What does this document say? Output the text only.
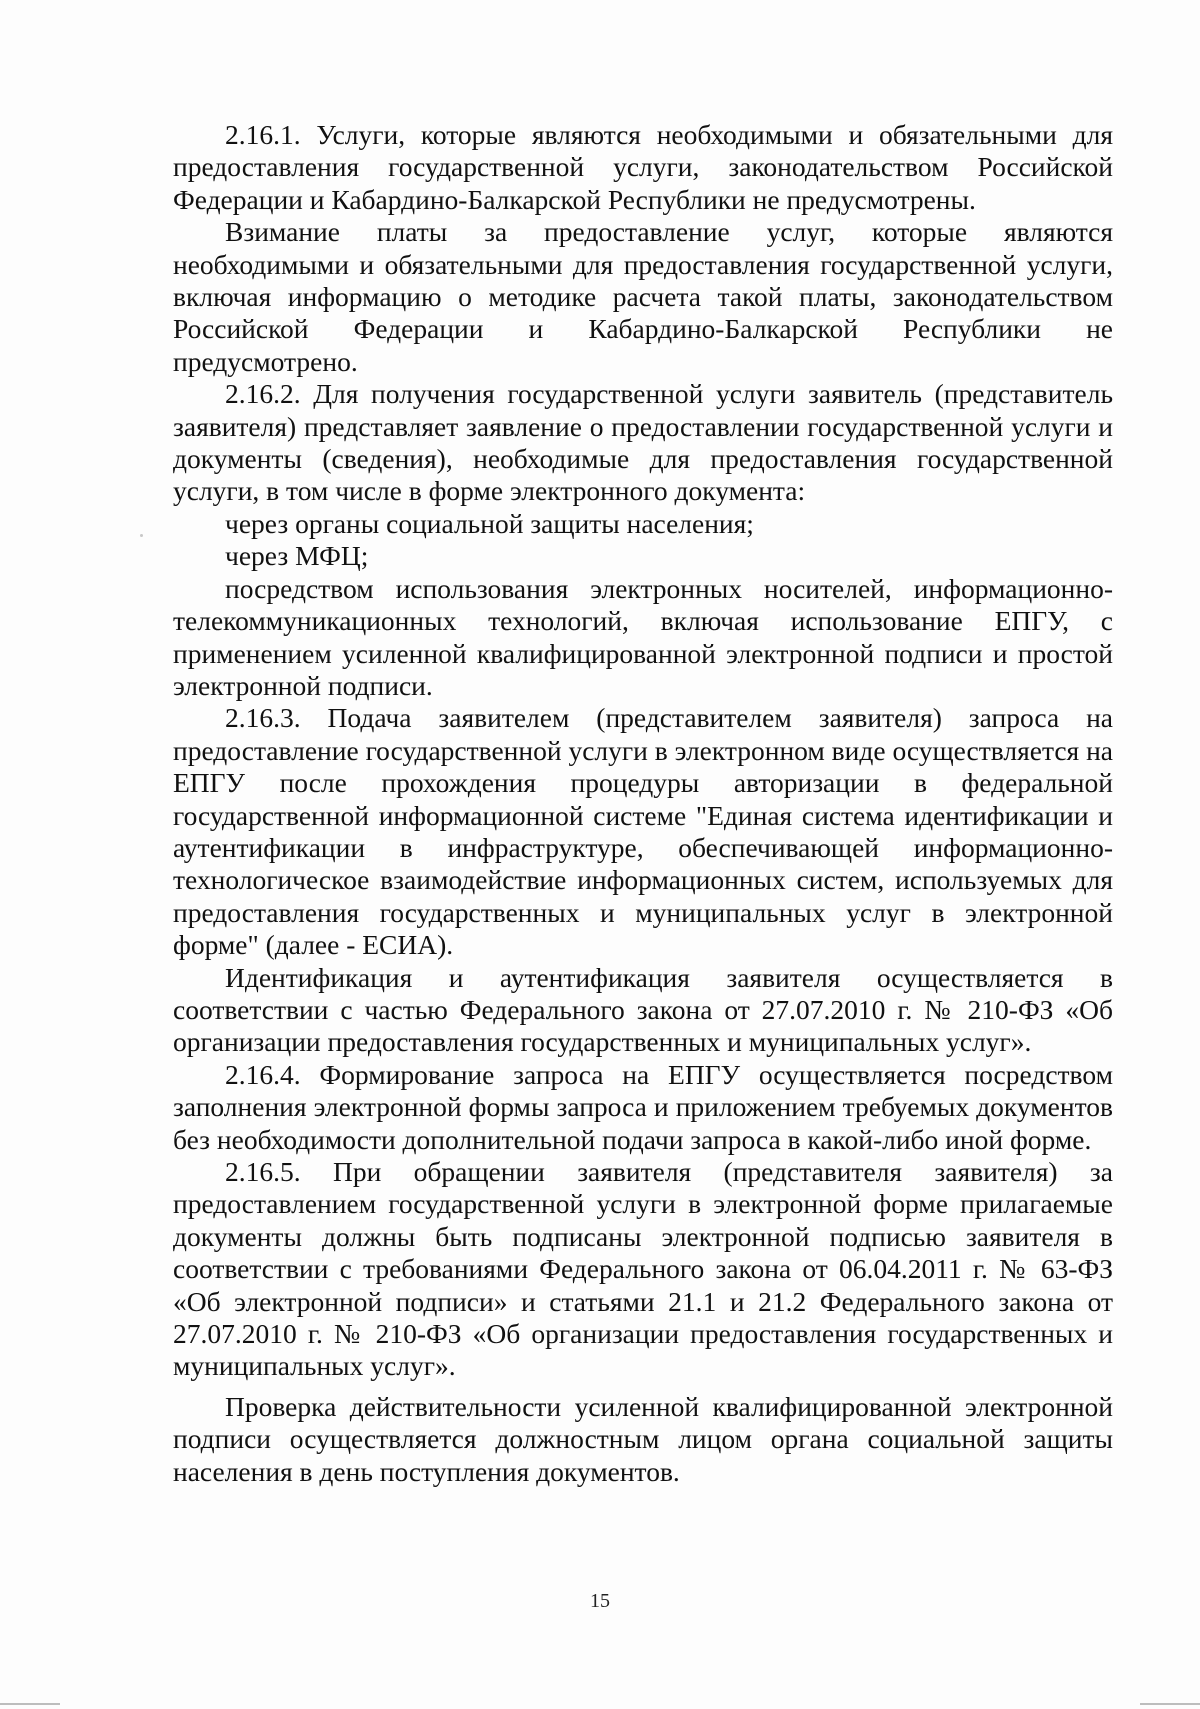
2.16.1. Услуги, которые являются необходимыми и обязательными для предоставления государственной услуги, законодательством Российской Федерации и Кабардино-Балкарской Республики не предусмотрены.

Взимание платы за предоставление услуг, которые являются необходимыми и обязательными для предоставления государственной услуги, включая информацию о методике расчета такой платы, законодательством Российской Федерации и Кабардино-Балкарской Республики не предусмотрено.

2.16.2. Для получения государственной услуги заявитель (представитель заявителя) представляет заявление о предоставлении государственной услуги и документы (сведения), необходимые для предоставления государственной услуги, в том числе в форме электронного документа:

через органы социальной защиты населения;

через МФЦ;

посредством использования электронных носителей, информационно-телекоммуникационных технологий, включая использование ЕПГУ, с применением усиленной квалифицированной электронной подписи и простой электронной подписи.

2.16.3. Подача заявителем (представителем заявителя) запроса на предоставление государственной услуги в электронном виде осуществляется на ЕПГУ после прохождения процедуры авторизации в федеральной государственной информационной системе "Единая система идентификации и аутентификации в инфраструктуре, обеспечивающей информационно-технологическое взаимодействие информационных систем, используемых для предоставления государственных и муниципальных услуг в электронной форме" (далее - ЕСИА).

Идентификация и аутентификация заявителя осуществляется в соответствии с частью Федерального закона от 27.07.2010 г. № 210-ФЗ «Об организации предоставления государственных и муниципальных услуг».

2.16.4. Формирование запроса на ЕПГУ осуществляется посредством заполнения электронной формы запроса и приложением требуемых документов без необходимости дополнительной подачи запроса в какой-либо иной форме.

2.16.5. При обращении заявителя (представителя заявителя) за предоставлением государственной услуги в электронной форме прилагаемые документы должны быть подписаны электронной подписью заявителя в соответствии с требованиями Федерального закона от 06.04.2011 г. № 63-ФЗ «Об электронной подписи» и статьями 21.1 и 21.2 Федерального закона от 27.07.2010 г. № 210-ФЗ «Об организации предоставления государственных и муниципальных услуг».

Проверка действительности усиленной квалифицированной электронной подписи осуществляется должностным лицом органа социальной защиты населения в день поступления документов.

15
